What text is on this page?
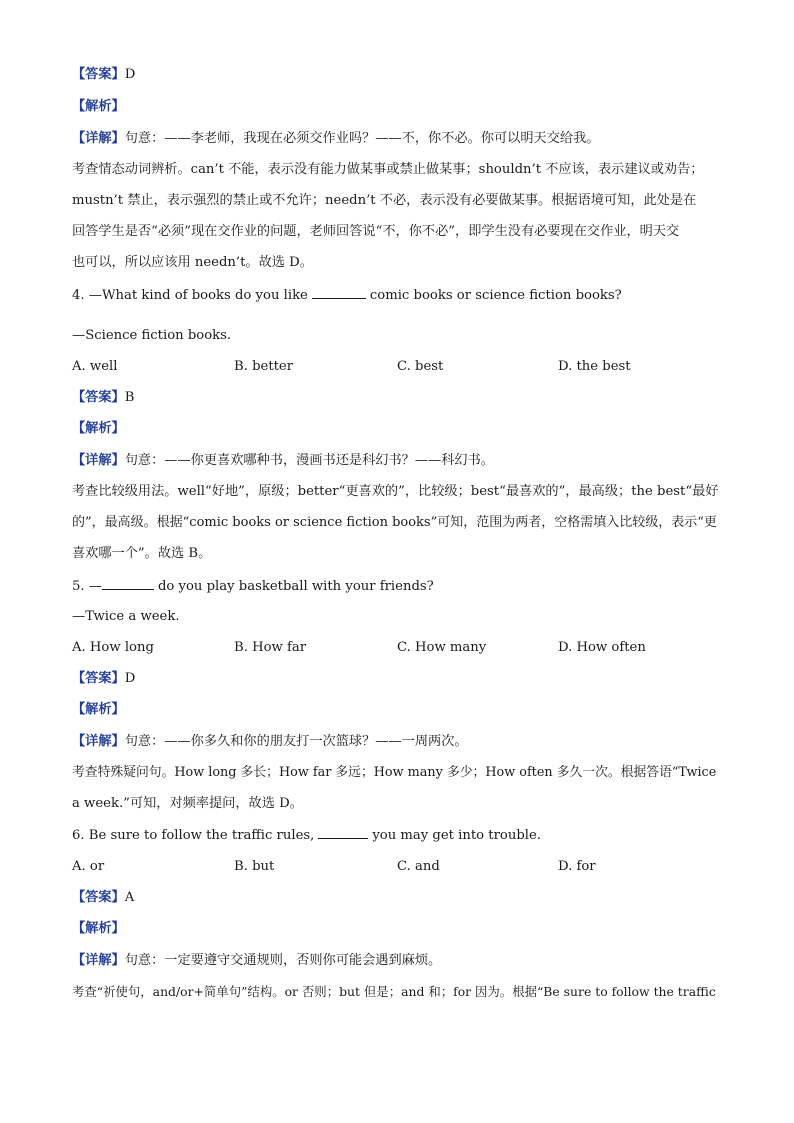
【答案】D
【解析】
【详解】句意：——李老师，我现在必须交作业吗？——不，你不必。你可以明天交给我。
考查情态动词辨析。can’t 不能，表示没有能力做某事或禁止做某事；shouldn’t 不应该，表示建议或劝告；
mustn’t 禁止，表示强烈的禁止或不允许；needn’t 不必，表示没有必要做某事。根据语境可知，此处是在
回答学生是否“必须”现在交作业的问题，老师回答说“不，你不必”，即学生没有必要现在交作业，明天交
也可以，所以应该用 needn’t。故选 D。
4. —What kind of books do you like	comic books or science fiction books?
—Science fiction books.
A. well	B. better	C. best	D. the best
【答案】B
【解析】
【详解】句意：——你更喜欢哪种书，漫画书还是科幻书？——科幻书。
考查比较级用法。well“好地”，原级；better“更喜欢的”，比较级；best“最喜欢的”，最高级；the best“最好
的”，最高级。根据“comic books or science fiction books”可知，范围为两者，空格需填入比较级，表示“更
喜欢哪一个”。故选 B。
5. —	do you play basketball with your friends?
—Twice a week.
A. How long	B. How far	C. How many	D. How often
【答案】D
【解析】
【详解】句意：——你多久和你的朋友打一次篮球？——一周两次。
考查特殊疑问句。How long 多长；How far 多远；How many 多少；How often 多久一次。根据答语“Twice
a week.”可知，对频率提问，故选 D。
6. Be sure to follow the traffic rules,	you may get into trouble.
A. or	B. but	C. and	D. for
【答案】A
【解析】
【详解】句意：一定要遵守交通规则，否则你可能会遇到麻烦。
考查“祈使句，and/or+简单句”结构。or 否则；but 但是；and 和；for 因为。根据“Be sure to follow the traffic
